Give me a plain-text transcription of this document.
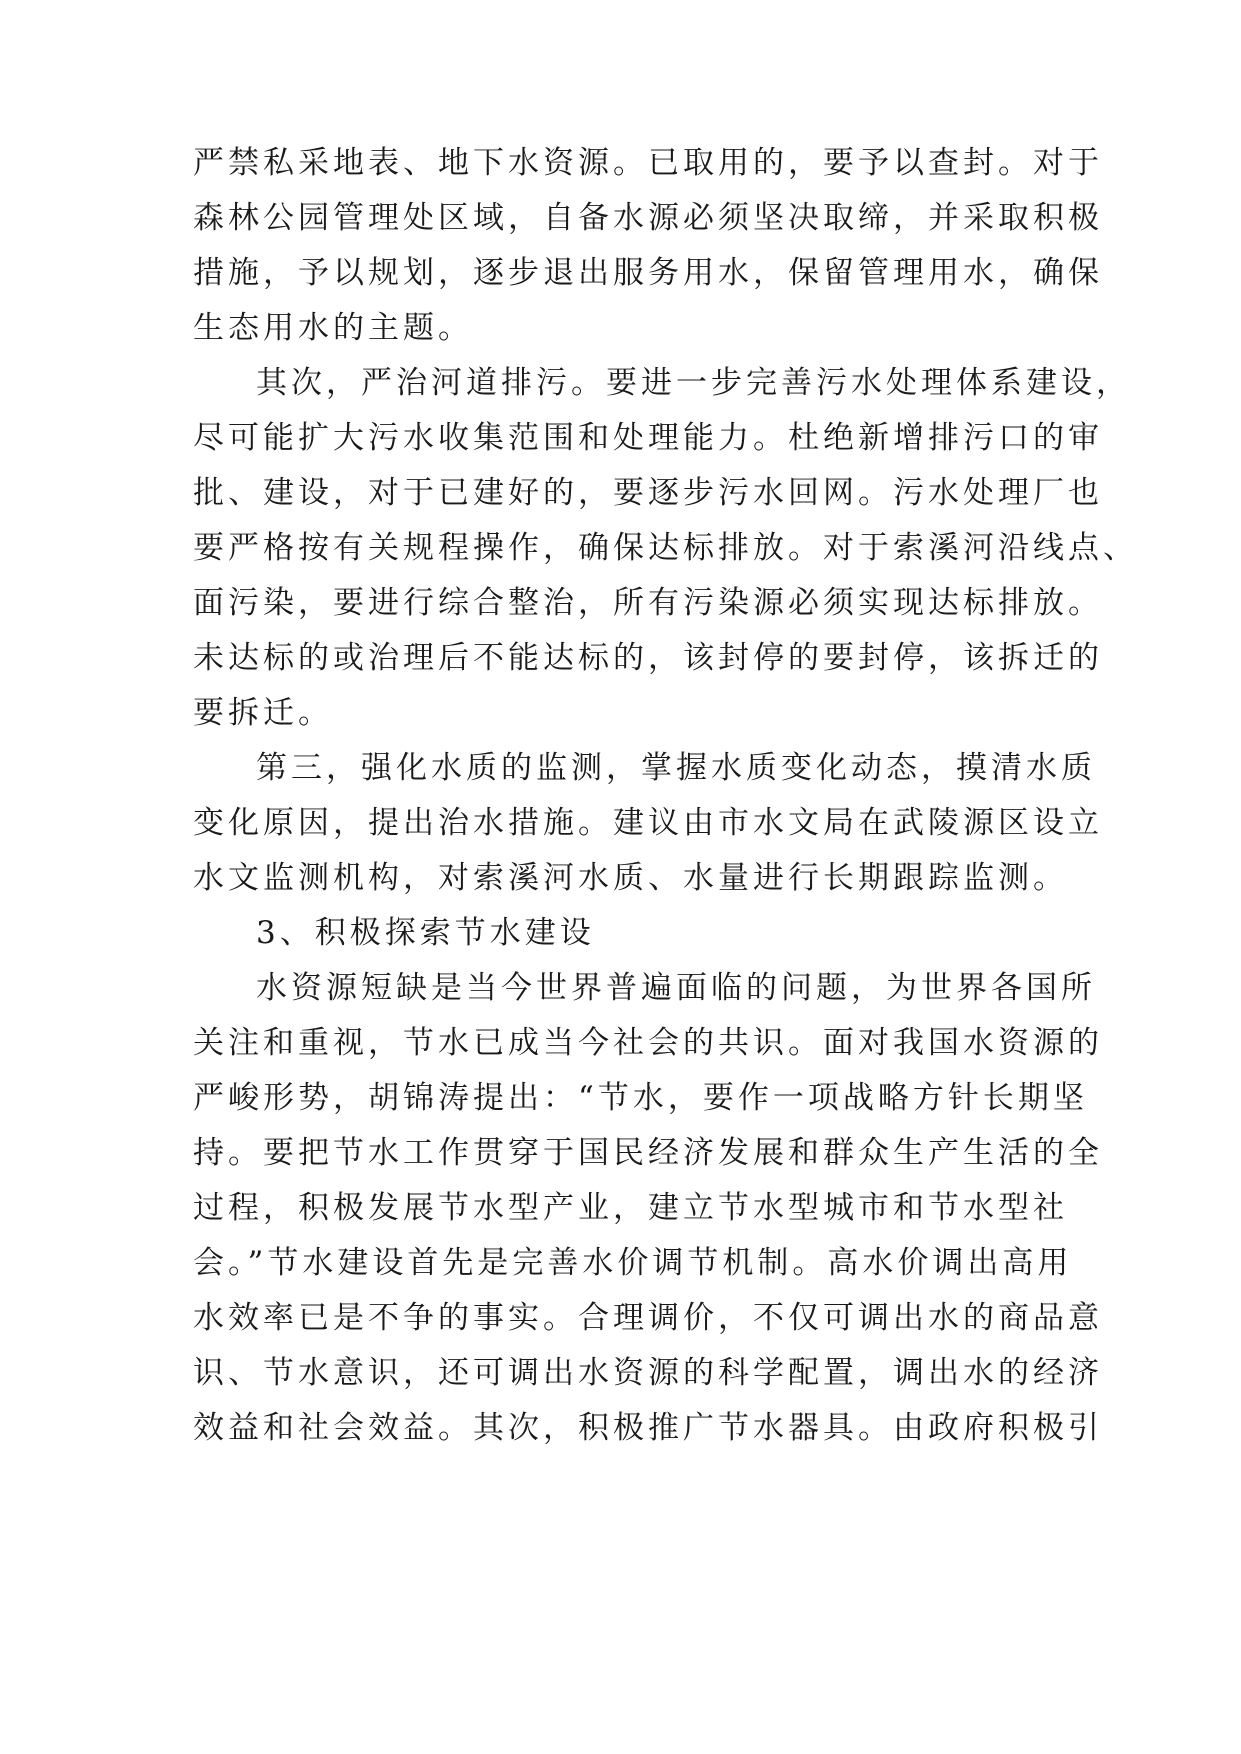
严禁私采地表、地下水资源。已取用的，要予以查封。对于
森林公园管理处区域，自备水源必须坚决取缔，并采取积极
措施，予以规划，逐步退出服务用水，保留管理用水，确保
生态用水的主题。
其次，严治河道排污。要进一步完善污水处理体系建设，
尽可能扩大污水收集范围和处理能力。杜绝新增排污口的审
批、建设，对于已建好的，要逐步污水回网。污水处理厂也
要严格按有关规程操作，确保达标排放。对于索溪河沿线点、
面污染，要进行综合整治，所有污染源必须实现达标排放。
未达标的或治理后不能达标的，该封停的要封停，该拆迁的
要拆迁。
第三，强化水质的监测，掌握水质变化动态，摸清水质
变化原因，提出治水措施。建议由市水文局在武陵源区设立
水文监测机构，对索溪河水质、水量进行长期跟踪监测。
3、积极探索节水建设
水资源短缺是当今世界普遍面临的问题，为世界各国所
关注和重视，节水已成当今社会的共识。面对我国水资源的
严峻形势，胡锦涛提出：“节水，要作一项战略方针长期坚
持。要把节水工作贯穿于国民经济发展和群众生产生活的全
过程，积极发展节水型产业，建立节水型城市和节水型社
会。”节水建设首先是完善水价调节机制。高水价调出高用
水效率已是不争的事实。合理调价，不仅可调出水的商品意
识、节水意识，还可调出水资源的科学配置，调出水的经济
效益和社会效益。其次，积极推广节水器具。由政府积极引
